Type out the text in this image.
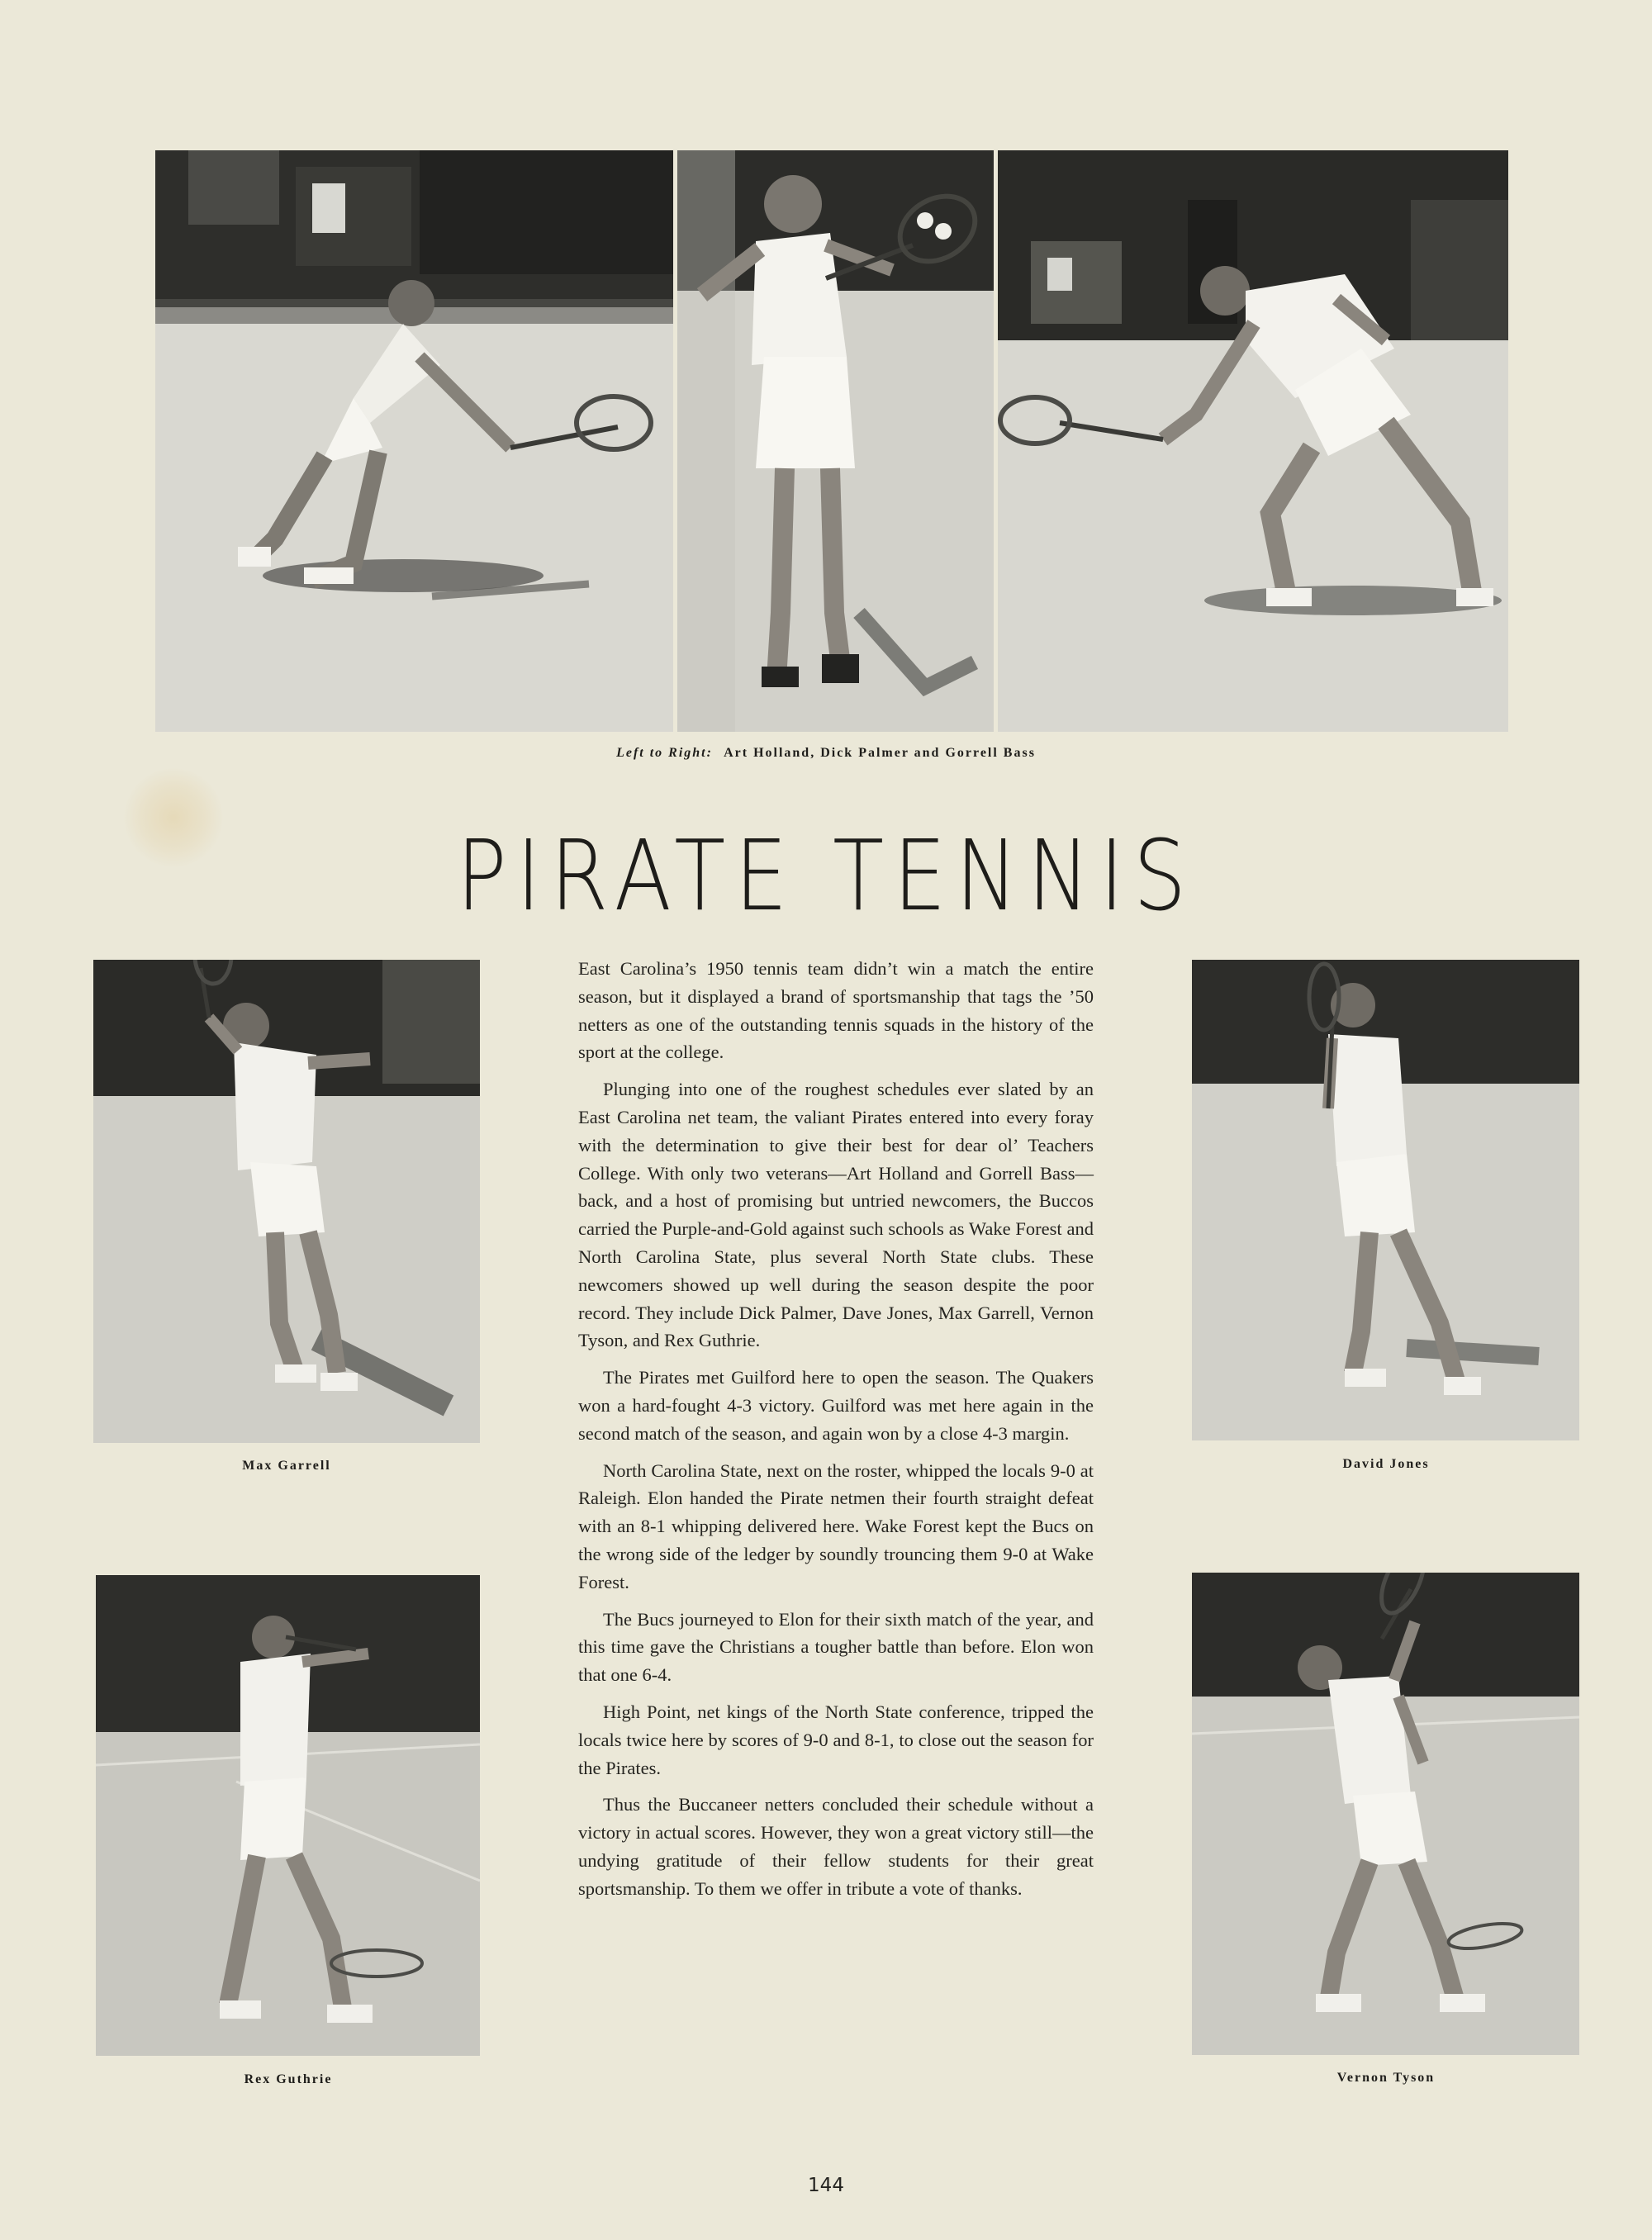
Left to Right: Art Holland, Dick Palmer and Gorrell Bass
PIRATE TENNIS
Max Garrell
Rex Guthrie
David Jones
Vernon Tyson

East Carolina’s 1950 tennis team didn’t win a match the entire season, but it displayed a brand of sportsmanship that tags the ’50 netters as one of the outstanding tennis squads in the history of the sport at the college.

Plunging into one of the roughest schedules ever slated by an East Carolina net team, the valiant Pirates entered into every foray with the determination to give their best for dear ol’ Teachers College. With only two veterans—Art Holland and Gorrell Bass—back, and a host of promising but untried newcomers, the Buccos carried the Purple-and-Gold against such schools as Wake Forest and North Carolina State, plus several North State clubs. These newcomers showed up well during the season despite the poor record. They include Dick Palmer, Dave Jones, Max Garrell, Vernon Tyson, and Rex Guthrie.

The Pirates met Guilford here to open the season. The Quakers won a hard-fought 4-3 victory. Guilford was met here again in the second match of the season, and again won by a close 4-3 margin.

North Carolina State, next on the roster, whipped the locals 9-0 at Raleigh. Elon handed the Pirate netmen their fourth straight defeat with an 8-1 whipping delivered here. Wake Forest kept the Bucs on the wrong side of the ledger by soundly trouncing them 9-0 at Wake Forest.

The Bucs journeyed to Elon for their sixth match of the year, and this time gave the Christians a tougher battle than before. Elon won that one 6-4.

High Point, net kings of the North State conference, tripped the locals twice here by scores of 9-0 and 8-1, to close out the season for the Pirates.

Thus the Buccaneer netters concluded their schedule without a victory in actual scores. However, they won a great victory still—the undying gratitude of their fellow students for their great sportsmanship. To them we offer in tribute a vote of thanks.

144
